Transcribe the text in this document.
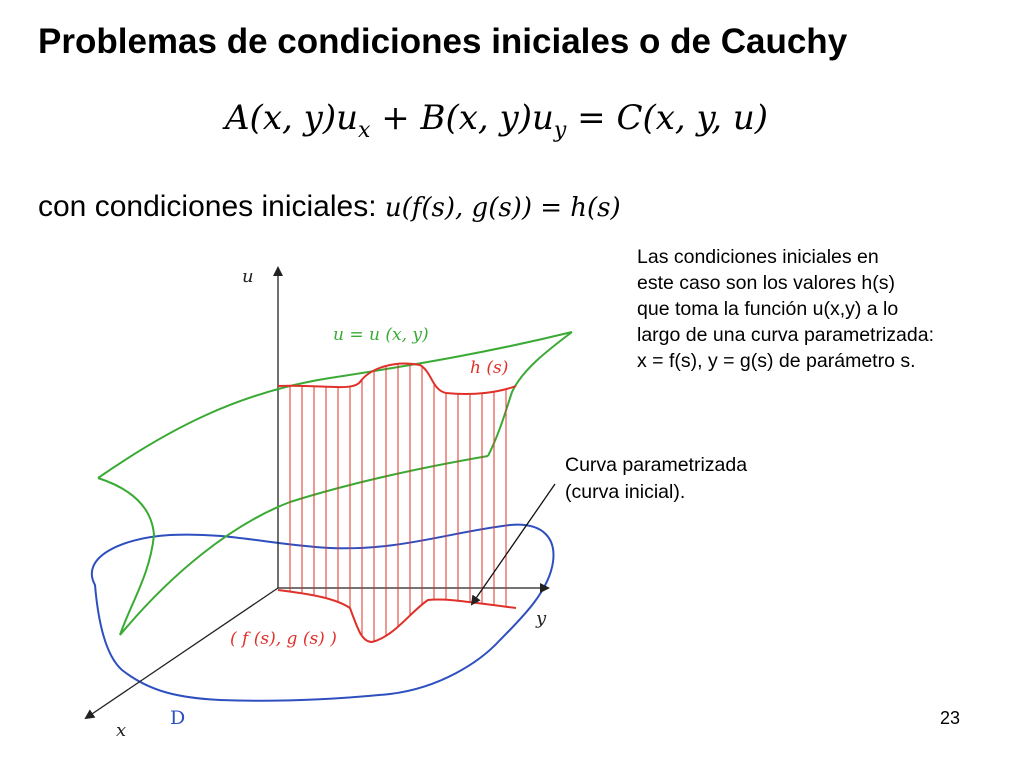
Problemas de condiciones iniciales o de Cauchy
A(x, $y)u_x + B(x$, $y)u_y = C(x$, y, u)
con condiciones iniciales: u(f(s), g(s)) = h(s)
Las condiciones iniciales en
este caso son los valores h(s)
que toma la función u(x,y) a lo
largo de una curva parametrizada:
x = f(s), y = g(s) de parámetro s.
Curva parametrizada
(curva inicial).
u
y
x
u = u (x, y)
h (s)
( f (s), g (s) )
D	23
